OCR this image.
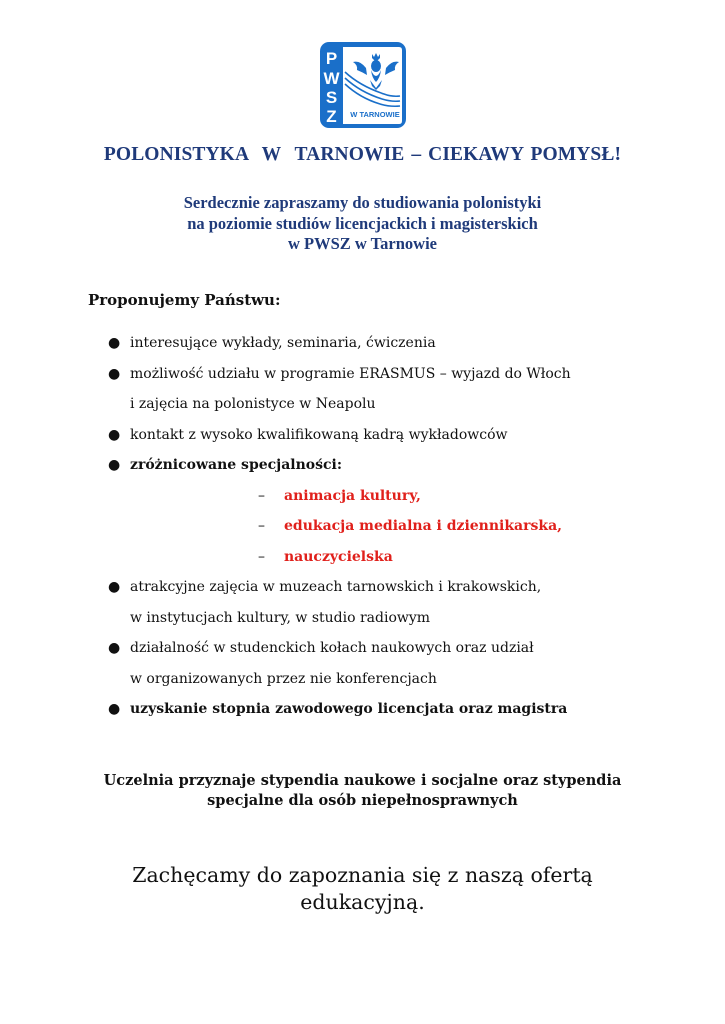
P
W
S
Z W TARNOWIE
POLONISTYKA  W  TARNOWIE – CIEKAWY POMYSŁ!
Serdecznie zapraszamy do studiowania polonistyki
na poziomie studiów licencjackich i magisterskich
w PWSZ w Tarnowie
Proponujemy Państwu:
● interesujące wykłady, seminaria, ćwiczenia
● możliwość udziału w programie ERASMUS – wyjazd do Włoch
i zajęcia na polonistyce w Neapolu
● kontakt z wysoko kwalifikowaną kadrą wykładowców
● zróżnicowane specjalności:
– animacja kultury,
– edukacja medialna i dziennikarska,
– nauczycielska
● atrakcyjne zajęcia w muzeach tarnowskich i krakowskich,
w instytucjach kultury, w studio radiowym
● działalność w studenckich kołach naukowych oraz udział
w organizowanych przez nie konferencjach
● uzyskanie stopnia zawodowego licencjata oraz magistra
Uczelnia przyznaje stypendia naukowe i socjalne oraz stypendia
specjalne dla osób niepełnosprawnych
Zachęcamy do zapoznania się z naszą ofertą
edukacyjną.
